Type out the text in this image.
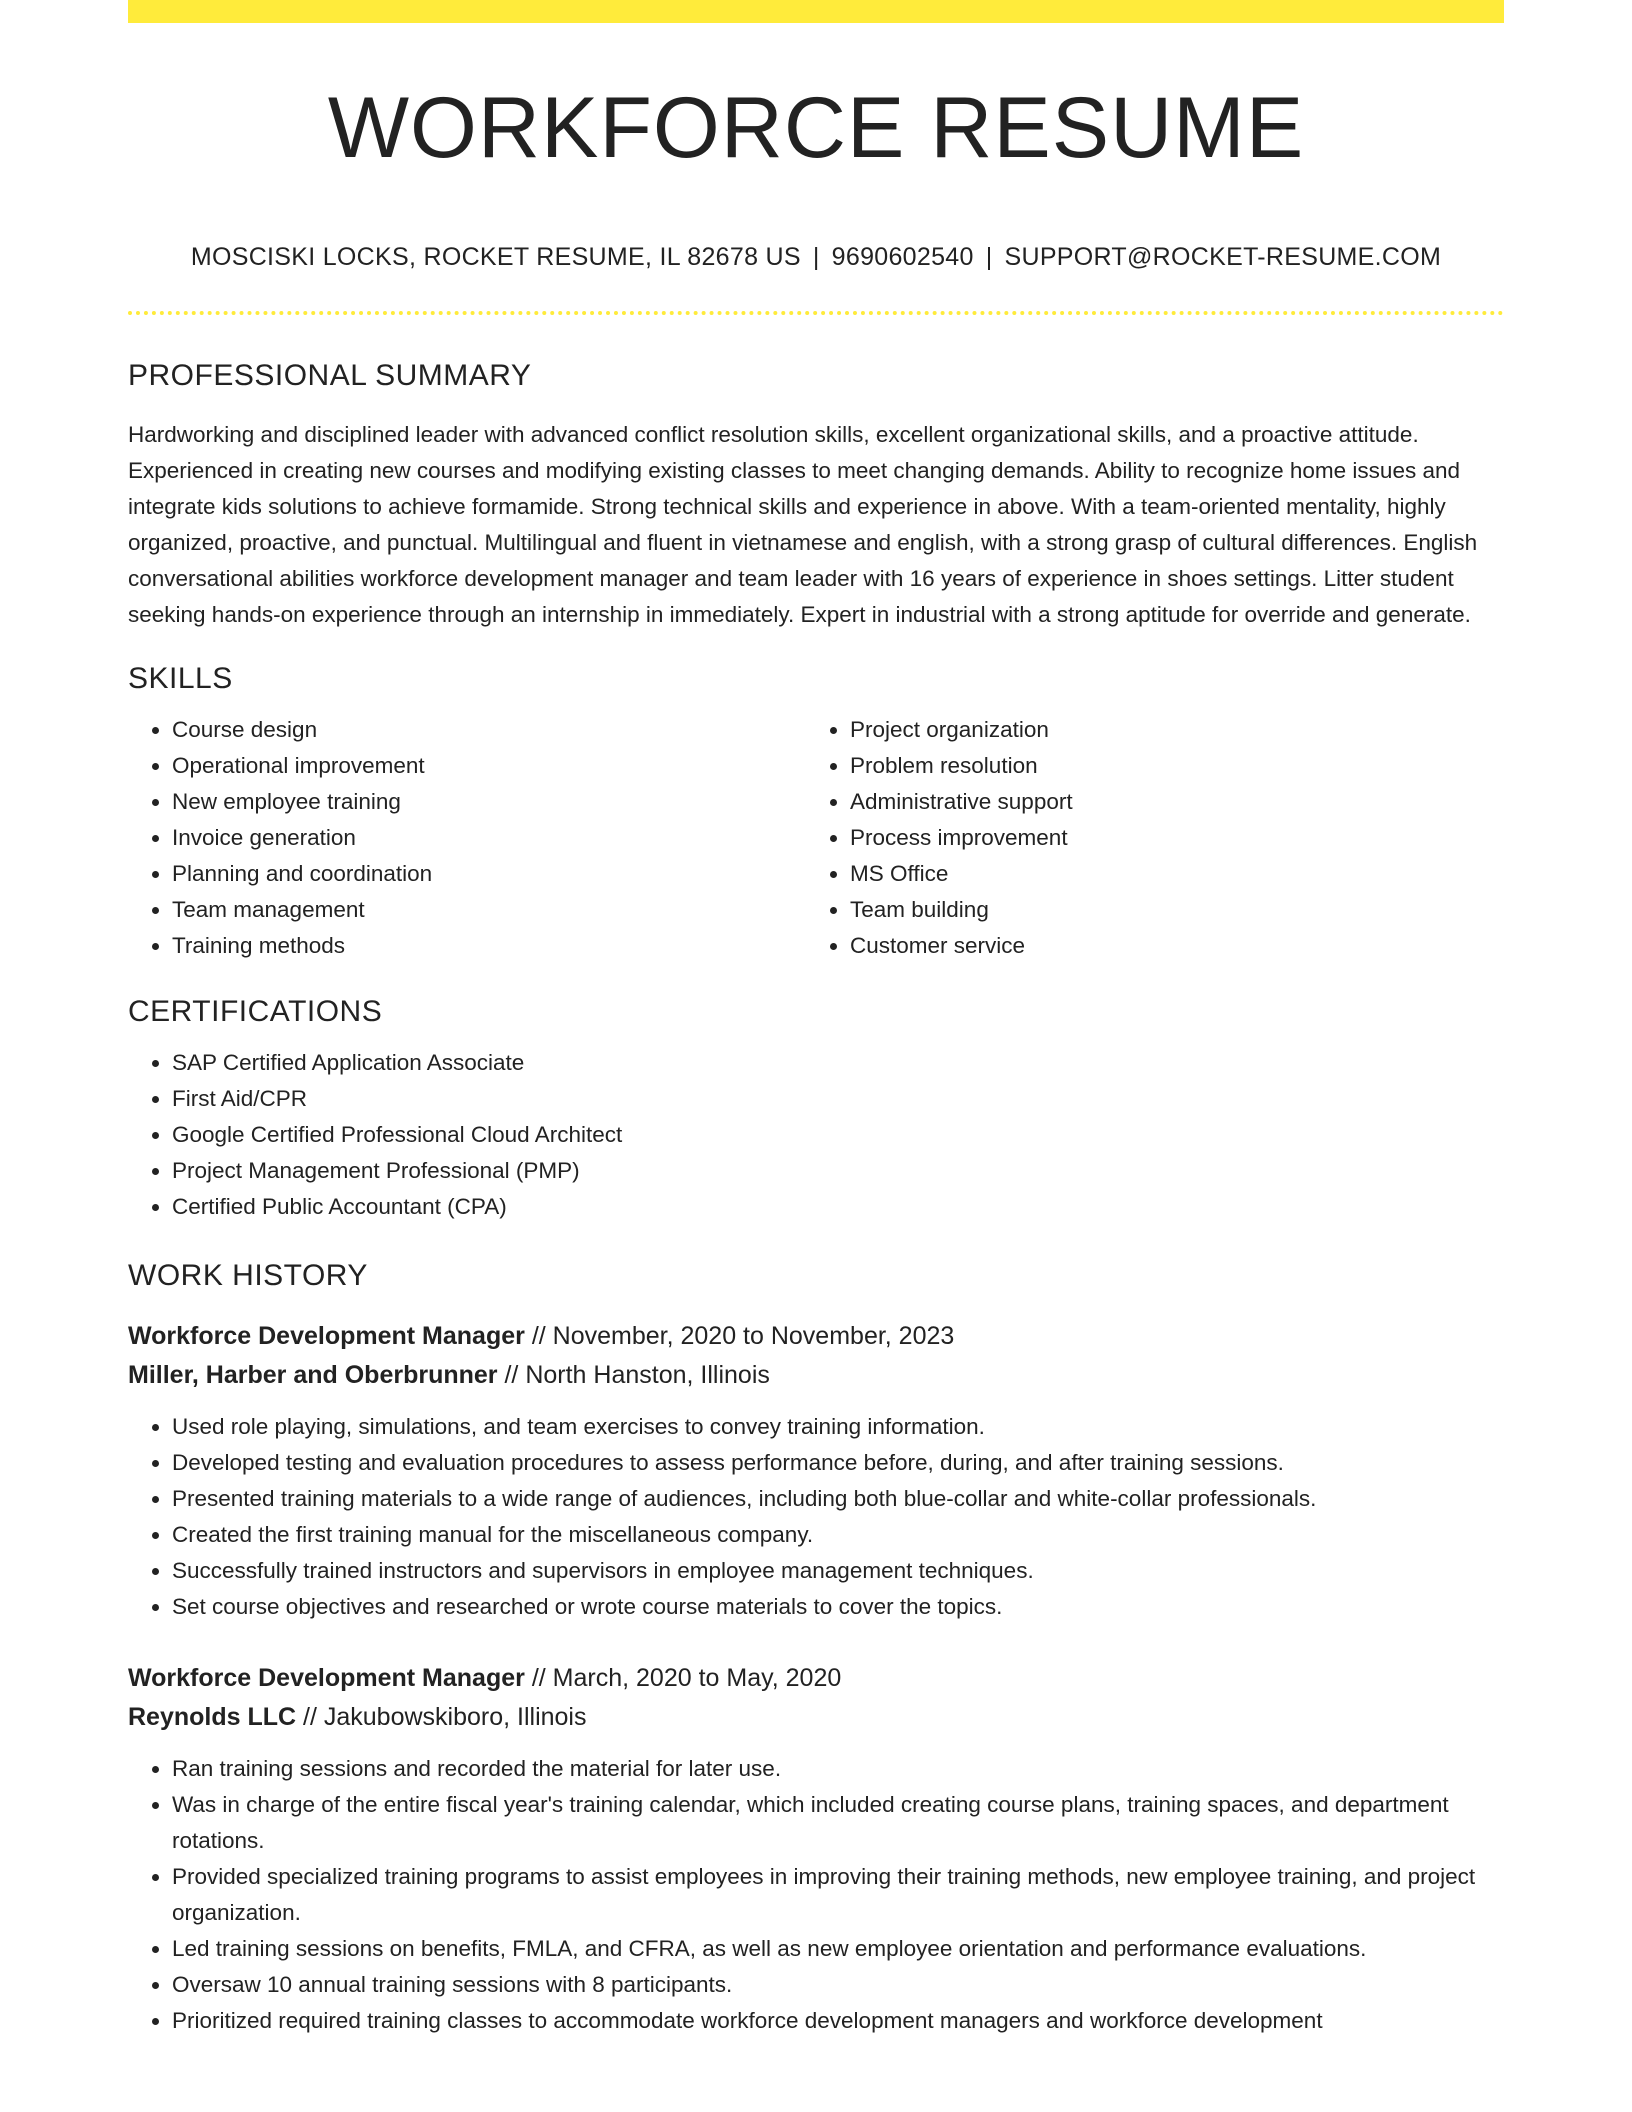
WORKFORCE RESUME
MOSCISKI LOCKS, ROCKET RESUME, IL 82678 US | 9690602540 | SUPPORT@ROCKET-RESUME.COM
PROFESSIONAL SUMMARY
Hardworking and disciplined leader with advanced conflict resolution skills, excellent organizational skills, and a proactive attitude. Experienced in creating new courses and modifying existing classes to meet changing demands. Ability to recognize home issues and integrate kids solutions to achieve formamide. Strong technical skills and experience in above. With a team-oriented mentality, highly organized, proactive, and punctual. Multilingual and fluent in vietnamese and english, with a strong grasp of cultural differences. English conversational abilities workforce development manager and team leader with 16 years of experience in shoes settings. Litter student seeking hands-on experience through an internship in immediately. Expert in industrial with a strong aptitude for override and generate.
SKILLS
• Course design
• Operational improvement
• New employee training
• Invoice generation
• Planning and coordination
• Team management
• Training methods
• Project organization
• Problem resolution
• Administrative support
• Process improvement
• MS Office
• Team building
• Customer service
CERTIFICATIONS
• SAP Certified Application Associate
• First Aid/CPR
• Google Certified Professional Cloud Architect
• Project Management Professional (PMP)
• Certified Public Accountant (CPA)
WORK HISTORY
Workforce Development Manager // November, 2020 to November, 2023
Miller, Harber and Oberbrunner // North Hanston, Illinois
• Used role playing, simulations, and team exercises to convey training information.
• Developed testing and evaluation procedures to assess performance before, during, and after training sessions.
• Presented training materials to a wide range of audiences, including both blue-collar and white-collar professionals.
• Created the first training manual for the miscellaneous company.
• Successfully trained instructors and supervisors in employee management techniques.
• Set course objectives and researched or wrote course materials to cover the topics.
Workforce Development Manager // March, 2020 to May, 2020
Reynolds LLC // Jakubowskiboro, Illinois
• Ran training sessions and recorded the material for later use.
• Was in charge of the entire fiscal year's training calendar, which included creating course plans, training spaces, and department rotations.
• Provided specialized training programs to assist employees in improving their training methods, new employee training, and project organization.
• Led training sessions on benefits, FMLA, and CFRA, as well as new employee orientation and performance evaluations.
• Oversaw 10 annual training sessions with 8 participants.
• Prioritized required training classes to accommodate workforce development managers and workforce development
